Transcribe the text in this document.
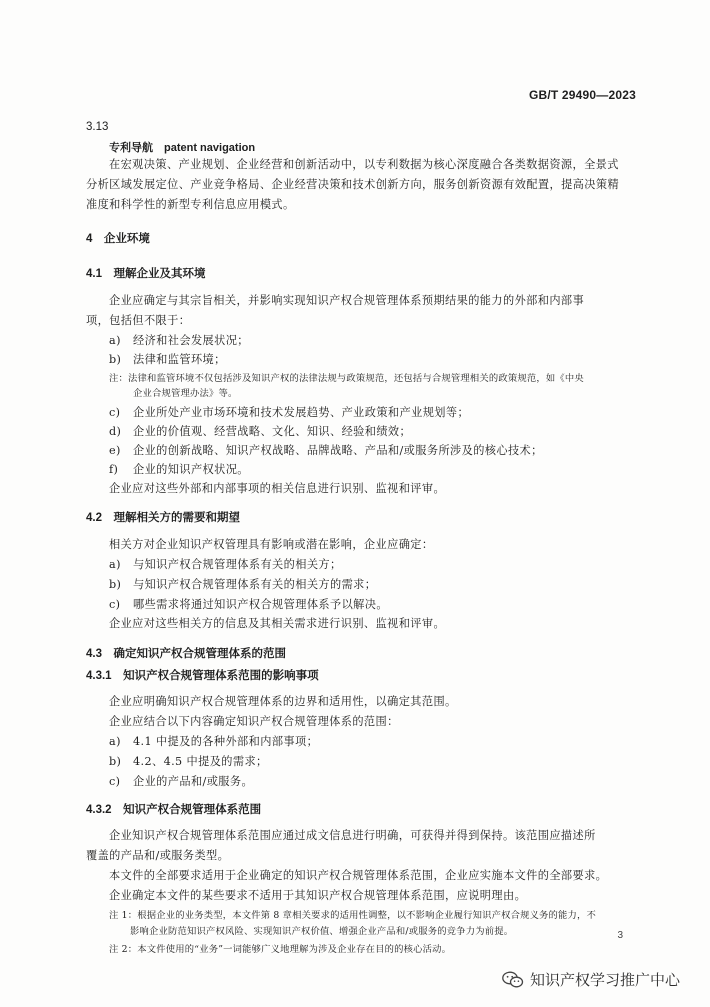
GB/T 29490—2023
3.13
专利导航　patent navigation
在宏观决策、产业规划、企业经营和创新活动中，以专利数据为核心深度融合各类数据资源，全景式
分析区域发展定位、产业竞争格局、企业经营决策和技术创新方向，服务创新资源有效配置，提高决策精
准度和科学性的新型专利信息应用模式。
4　企业环境
4.1　理解企业及其环境
企业应确定与其宗旨相关，并影响实现知识产权合规管理体系预期结果的能力的外部和内部事
项，包括但不限于：
a) 经济和社会发展状况；
b) 法律和监管环境；
注：法律和监管环境不仅包括涉及知识产权的法律法规与政策规范，还包括与合规管理相关的政策规范，如《中央
企业合规管理办法》等。
c) 企业所处产业市场环境和技术发展趋势、产业政策和产业规划等；
d) 企业的价值观、经营战略、文化、知识、经验和绩效；
e) 企业的创新战略、知识产权战略、品牌战略、产品和/或服务所涉及的核心技术；
f) 企业的知识产权状况。
企业应对这些外部和内部事项的相关信息进行识别、监视和评审。
4.2　理解相关方的需要和期望
相关方对企业知识产权管理具有影响或潜在影响，企业应确定：
a) 与知识产权合规管理体系有关的相关方；
b) 与知识产权合规管理体系有关的相关方的需求；
c) 哪些需求将通过知识产权合规管理体系予以解决。
企业应对这些相关方的信息及其相关需求进行识别、监视和评审。
4.3　确定知识产权合规管理体系的范围
4.3.1　知识产权合规管理体系范围的影响事项
企业应明确知识产权合规管理体系的边界和适用性，以确定其范围。
企业应结合以下内容确定知识产权合规管理体系的范围：
a) 4.1 中提及的各种外部和内部事项；
b) 4.2、4.5 中提及的需求；
c) 企业的产品和/或服务。
4.3.2　知识产权合规管理体系范围
企业知识产权合规管理体系范围应通过成文信息进行明确，可获得并得到保持。该范围应描述所
覆盖的产品和/或服务类型。
本文件的全部要求适用于企业确定的知识产权合规管理体系范围，企业应实施本文件的全部要求。
企业确定本文件的某些要求不适用于其知识产权合规管理体系范围，应说明理由。
注 1：根据企业的业务类型，本文件第 8 章相关要求的适用性调整，以不影响企业履行知识产权合规义务的能力，不
影响企业防范知识产权风险、实现知识产权价值、增强企业产品和/或服务的竞争力为前提。
注 2：本文件使用的“业务”一词能够广义地理解为涉及企业存在目的的核心活动。
3
知识产权学习推广中心
